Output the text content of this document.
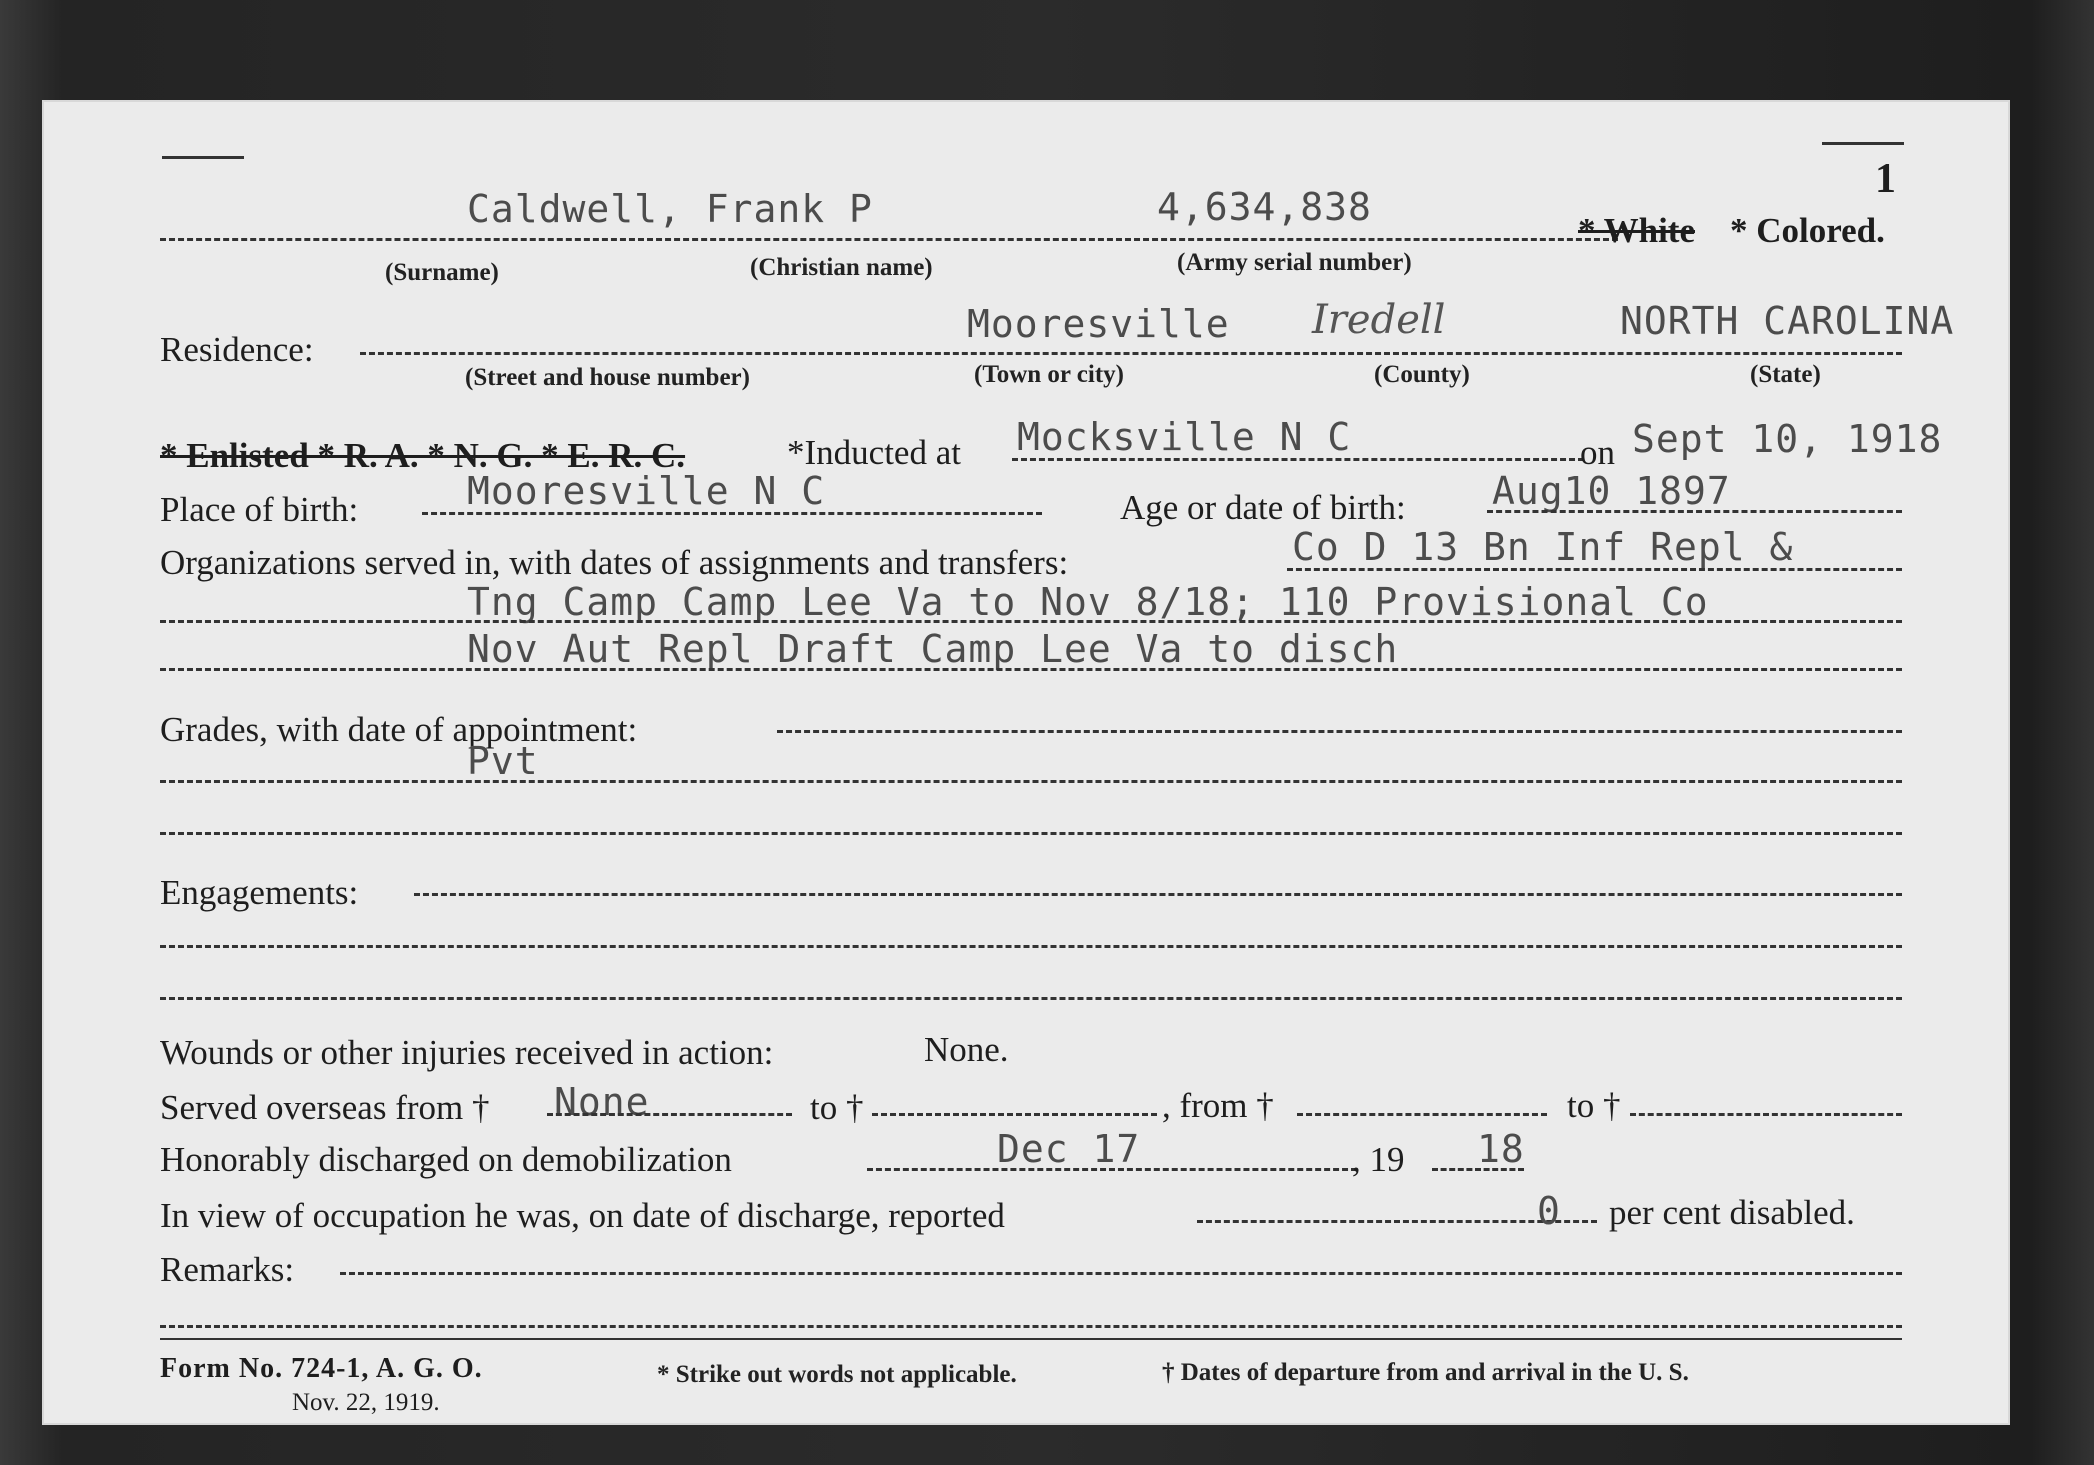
1
Caldwell, Frank P	4,634,838
* White * Colored.
(Surname)	(Christian name)	(Army serial number)
Residence:
Mooresville Iredell	NORTH CAROLINA
(Street and house number)	(Town or city)	(County)	(State)
* Enlisted * R. A. * N. G. * E. R. C.	*Inducted at Mocksville N C	on Sept 10, 1918
Place of birth:	Mooresville N C	Age or date of birth: Aug10 1897
Organizations served in, with dates of assignments and transfers:	Co D 13 Bn Inf Repl &
Tng Camp Camp Lee Va to Nov 8/18; 110 Provisional Co
Nov Aut Repl Draft Camp Lee Va to disch
Grades, with date of appointment:
Pvt
Engagements:
Wounds or other injuries received in action:	None.
Served overseas from † None	to †	, from †	to †
Honorably discharged on demobilization	Dec 17	, 19 18
In view of occupation he was, on date of discharge, reported	0 per cent disabled.
Remarks:
Form No. 724-1, A. G. O.
Nov. 22, 1919.
* Strike out words not applicable.	† Dates of departure from and arrival in the U. S.
